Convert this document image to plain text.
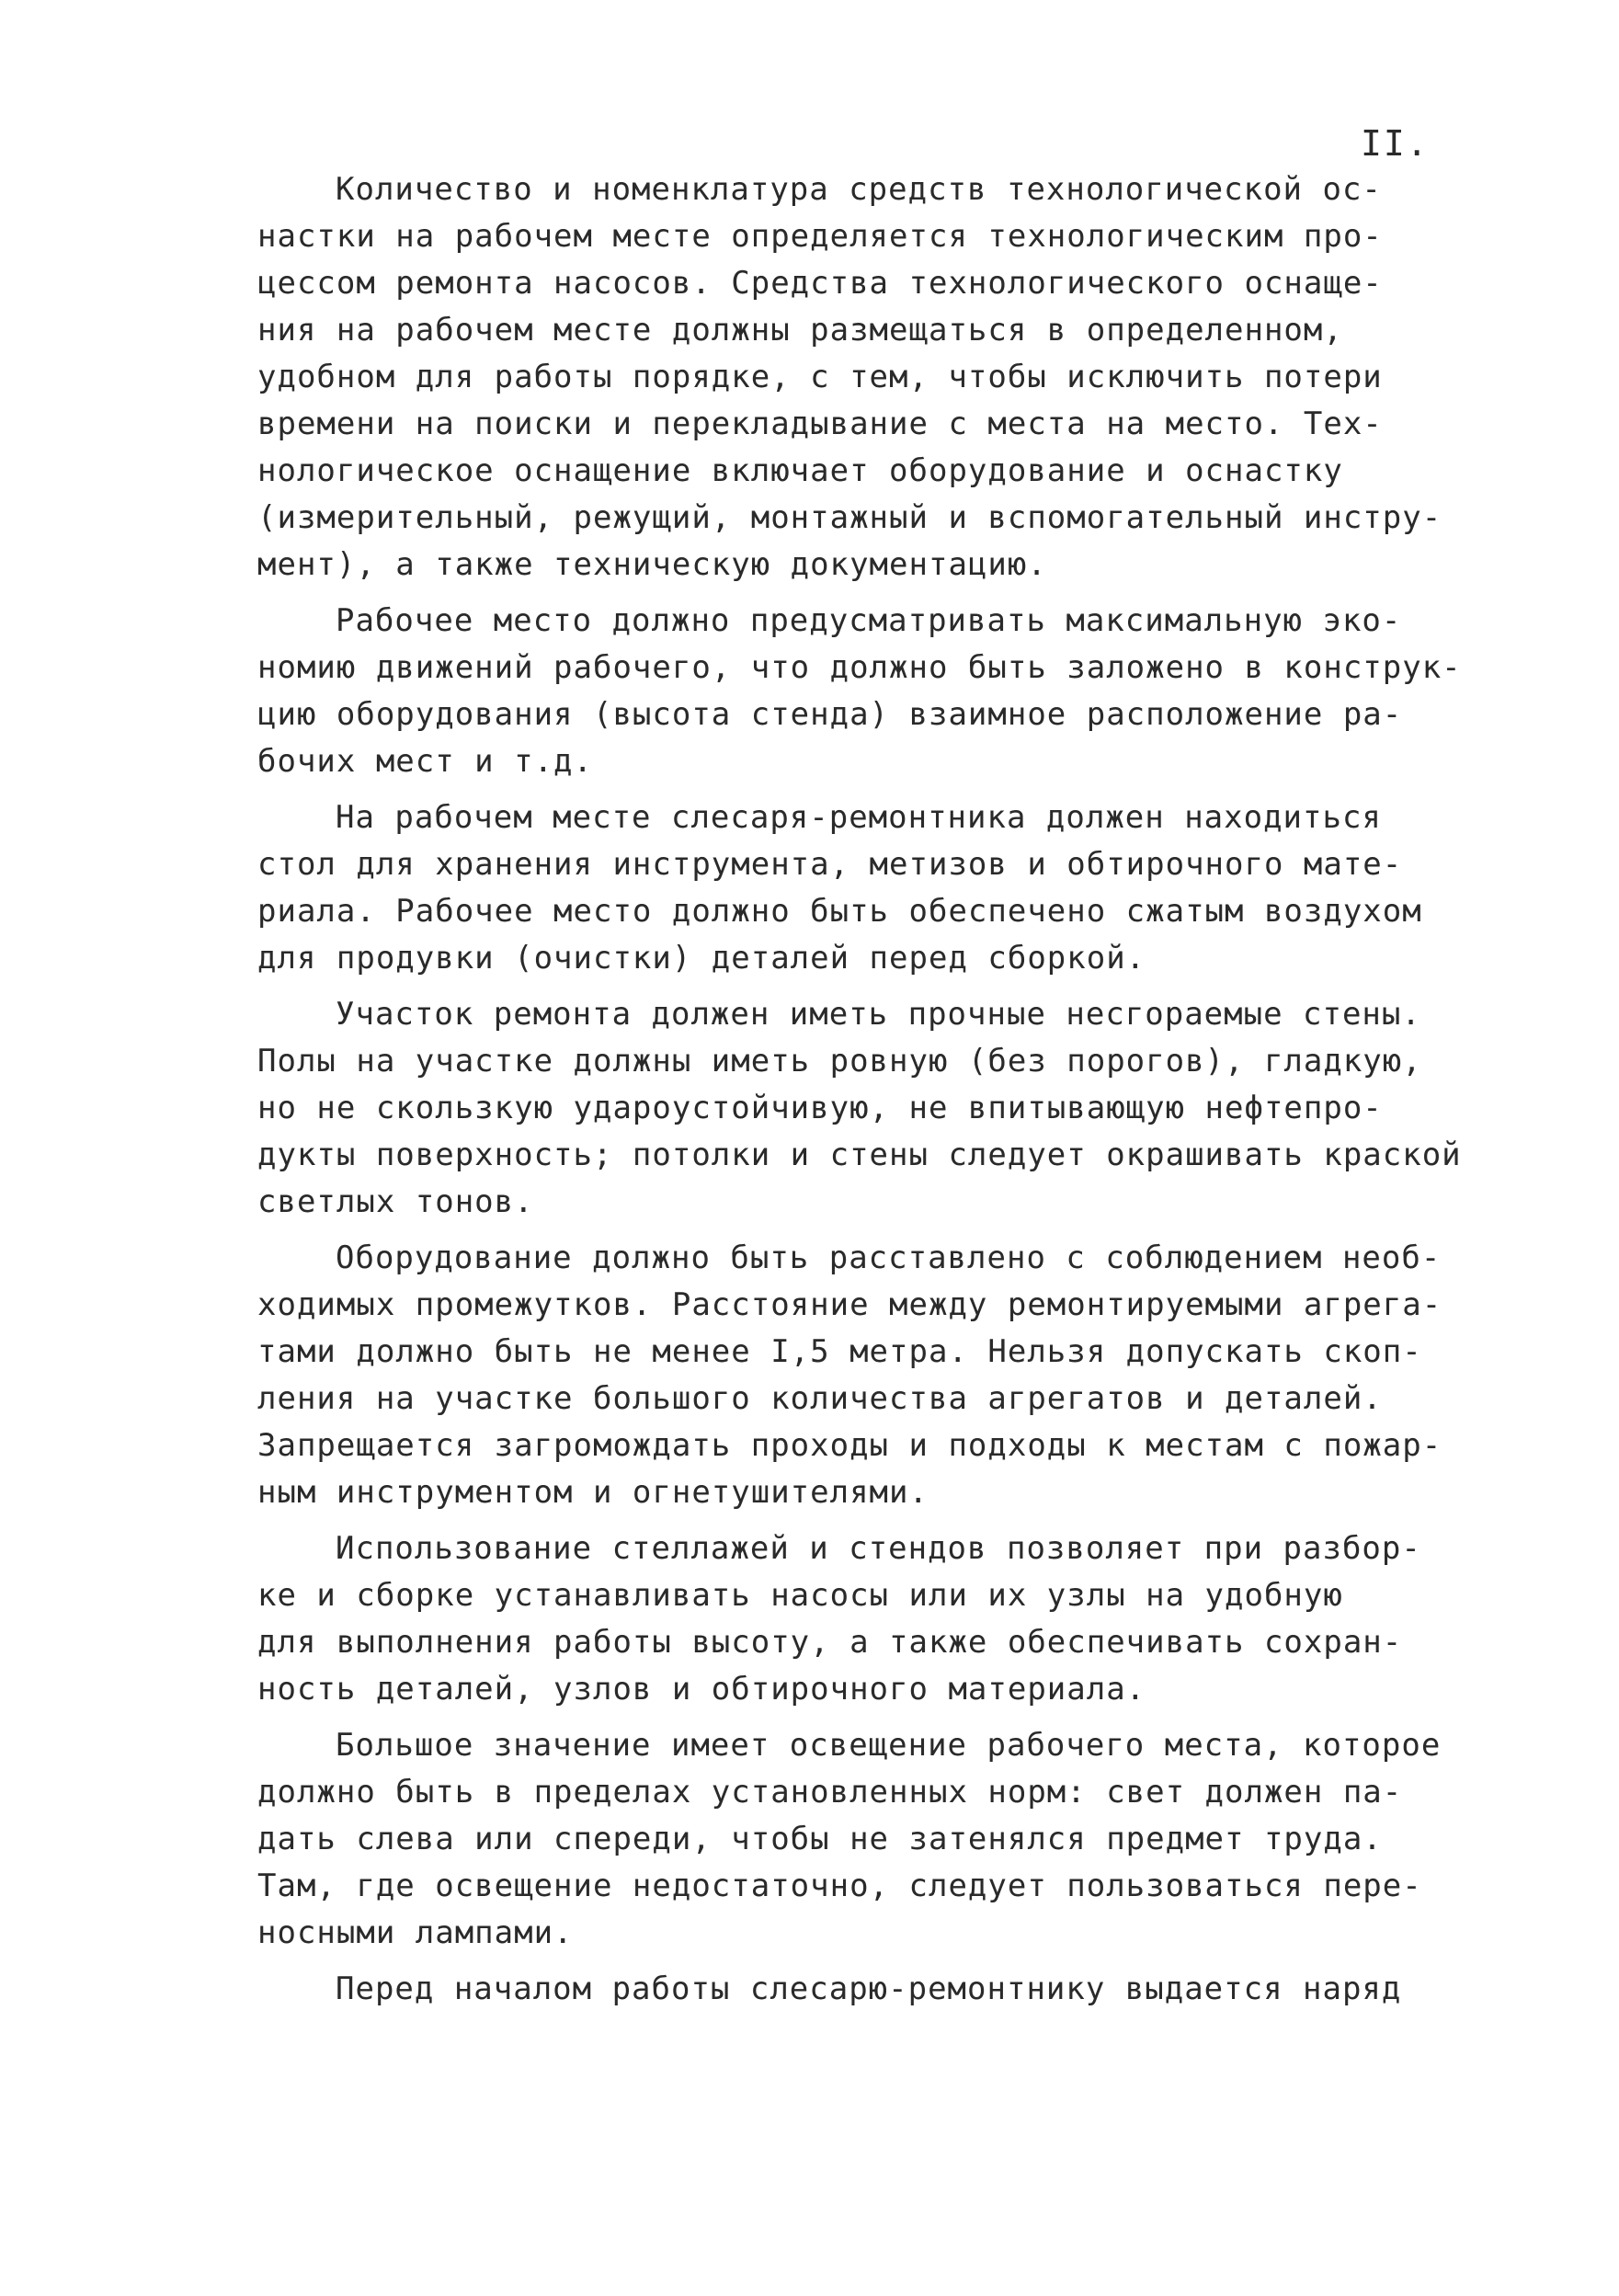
II.
Количество и номенклатура средств технологической ос-
настки на рабочем месте определяется технологическим про-
цессом ремонта насосов. Средства технологического оснаще-
ния на рабочем месте должны размещаться в определенном,
удобном для работы порядке, с тем, чтобы исключить потери
времени на поиски и перекладывание с места на место. Тех-
нологическое оснащение включает оборудование и оснастку
(измерительный, режущий, монтажный и вспомогательный инстру-
мент), а также техническую документацию.
Рабочее место должно предусматривать максимальную эко-
номию движений рабочего, что должно быть заложено в конструк-
цию оборудования (высота стенда) взаимное расположение ра-
бочих мест и т.д.
На рабочем месте слесаря-ремонтника должен находиться
стол для хранения инструмента, метизов и обтирочного мате-
риала. Рабочее место должно быть обеспечено сжатым воздухом
для продувки (очистки) деталей перед сборкой.
Участок ремонта должен иметь прочные несгораемые стены.
Полы на участке должны иметь ровную (без порогов), гладкую,
но не скользкую удароустойчивую, не впитывающую нефтепро-
дукты поверхность; потолки и стены следует окрашивать краской
светлых тонов.
Оборудование должно быть расставлено с соблюдением необ-
ходимых промежутков. Расстояние между ремонтируемыми агрега-
тами должно быть не менее I,5 метра. Нельзя допускать скоп-
ления на участке большого количества агрегатов и деталей.
Запрещается загромождать проходы и подходы к местам с пожар-
ным инструментом и огнетушителями.
Использование стеллажей и стендов позволяет при разбор-
ке и сборке устанавливать насосы или их узлы на удобную
для выполнения работы высоту, а также обеспечивать сохран-
ность деталей, узлов и обтирочного материала.
Большое значение имеет освещение рабочего места, которое
должно быть в пределах установленных норм: свет должен па-
дать слева или спереди, чтобы не затенялся предмет труда.
Там, где освещение недостаточно, следует пользоваться пере-
носными лампами.
Перед началом работы слесарю-ремонтнику выдается наряд
